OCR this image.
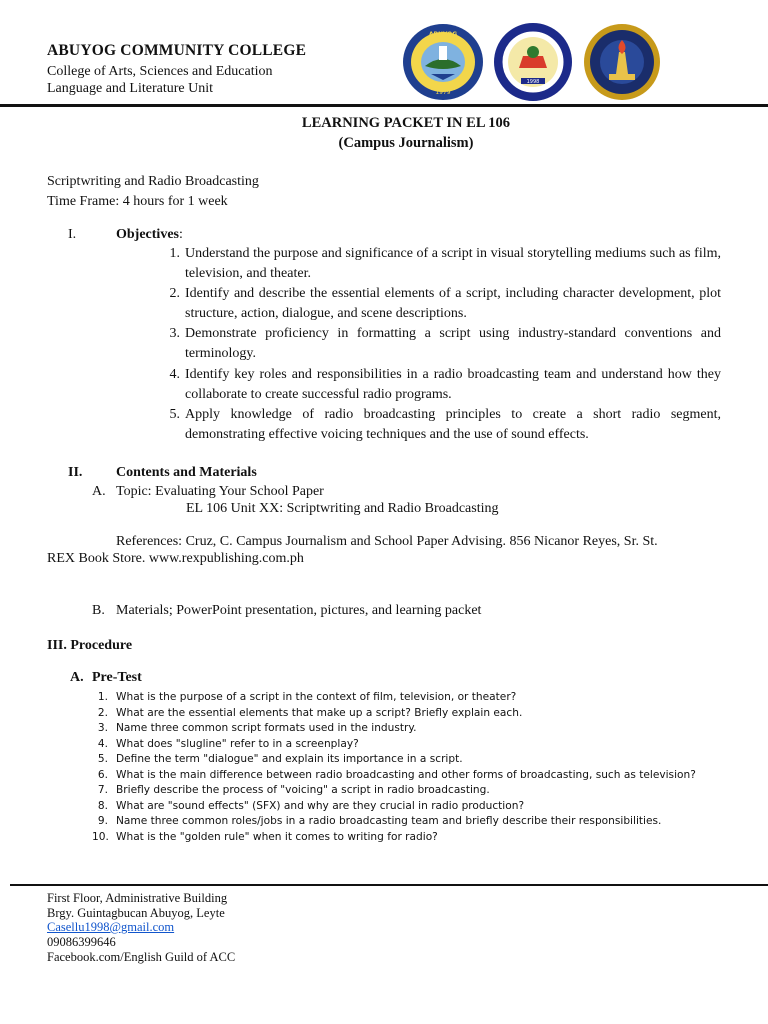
ABUYOG COMMUNITY COLLEGE
College of Arts, Sciences and Education
Language and Literature Unit
ABUYOG
1979
1998
LEARNING PACKET IN EL 106
(Campus Journalism)
Scriptwriting and Radio Broadcasting
Time Frame: 4 hours for 1 week
I.	Objectives:
1. Understand the purpose and significance of a script in visual storytelling mediums such as film, television, and theater.
2. Identify and describe the essential elements of a script, including character development, plot structure, action, dialogue, and scene descriptions.
3. Demonstrate proficiency in formatting a script using industry-standard conventions and terminology.
4. Identify key roles and responsibilities in a radio broadcasting team and understand how they collaborate to create successful radio programs.
5. Apply knowledge of radio broadcasting principles to create a short radio segment, demonstrating effective voicing techniques and the use of sound effects.
II. Contents and Materials
A. Topic: Evaluating Your School Paper
EL 106 Unit XX: Scriptwriting and Radio Broadcasting
References: Cruz, C. Campus Journalism and School Paper Advising. 856 Nicanor Reyes, Sr. St.
REX Book Store. www.rexpublishing.com.ph
B. Materials; PowerPoint presentation, pictures, and learning packet
III. Procedure
A. Pre-Test
1. What is the purpose of a script in the context of film, television, or theater?
2. What are the essential elements that make up a script? Briefly explain each.
3. Name three common script formats used in the industry.
4. What does "slugline" refer to in a screenplay?
5. Define the term "dialogue" and explain its importance in a script.
6. What is the main difference between radio broadcasting and other forms of broadcasting, such as television?
7. Briefly describe the process of "voicing" a script in radio broadcasting.
8. What are "sound effects" (SFX) and why are they crucial in radio production?
9. Name three common roles/jobs in a radio broadcasting team and briefly describe their responsibilities.
10. What is the "golden rule" when it comes to writing for radio?
First Floor, Administrative Building
Brgy. Guintagbucan Abuyog, Leyte
Casellu1998@gmail.com
09086399646
Facebook.com/English Guild of ACC
